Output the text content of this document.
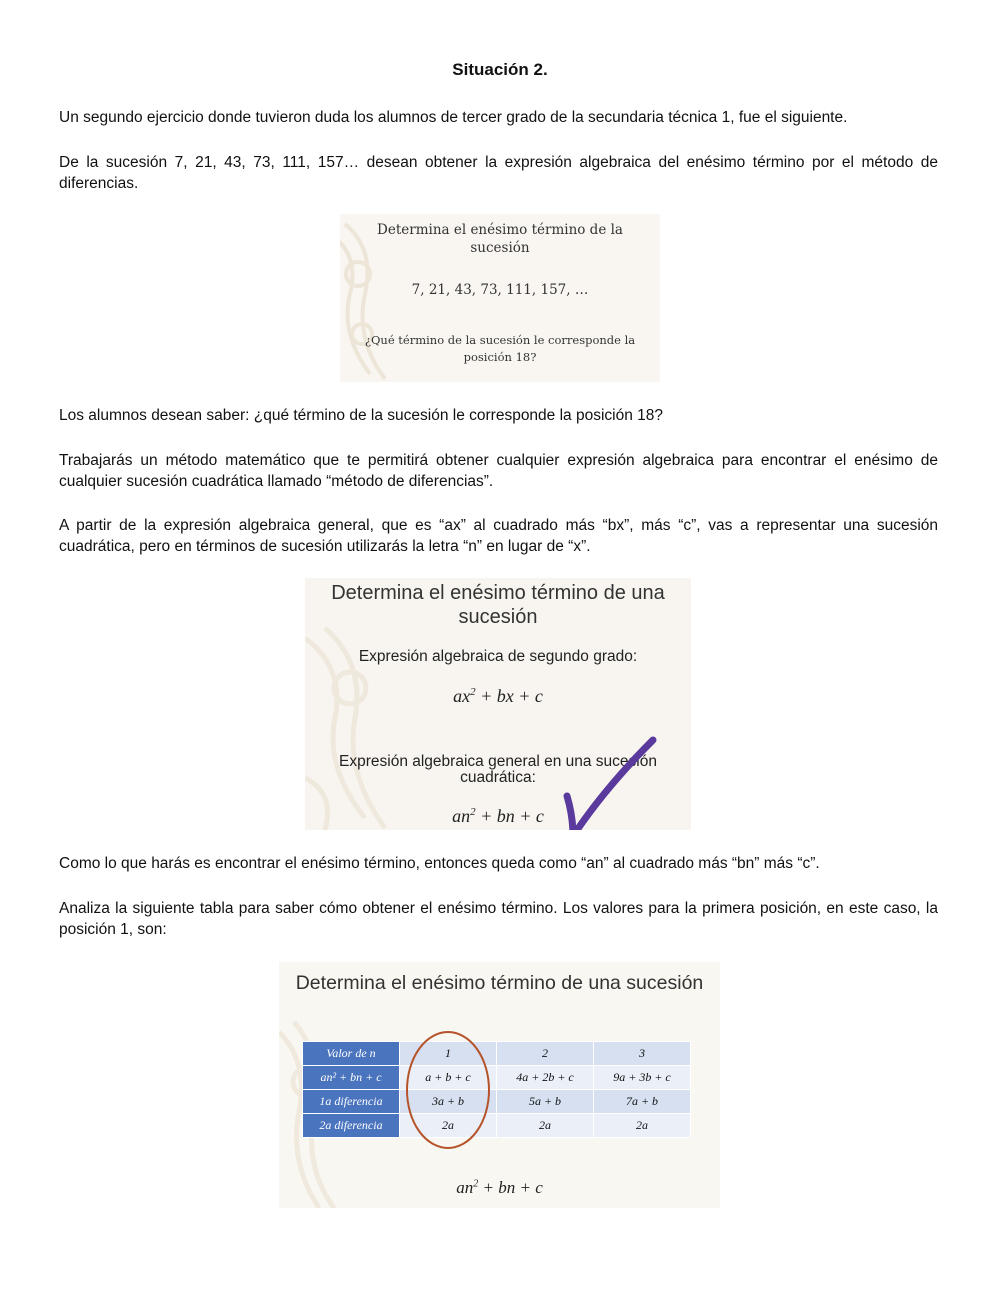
Situación 2.
Un segundo ejercicio donde tuvieron duda los alumnos de tercer grado de la secundaria técnica 1, fue el siguiente.
De la sucesión 7, 21, 43, 73, 111, 157… desean obtener la expresión algebraica del enésimo término por el método de diferencias.
Determina el enésimo término de la
sucesión
7, 21, 43, 73, 111, 157, …
¿Qué término de la sucesión le corresponde la
posición 18?
Los alumnos desean saber: ¿qué término de la sucesión le corresponde la posición 18?
Trabajarás un método matemático que te permitirá obtener cualquier expresión algebraica para encontrar el enésimo de cualquier sucesión cuadrática llamado “método de diferencias”.
A partir de la expresión algebraica general, que es “ax” al cuadrado más “bx”, más “c”, vas a representar una sucesión cuadrática, pero en términos de sucesión utilizarás la letra “n” en lugar de “x”.
Determina el enésimo término de una
sucesión
Expresión algebraica de segundo grado:
$ax^2$ + bx + c
Expresión algebraica general en una sucesión
cuadrática:
$an^2$ + bn + c
Como lo que harás es encontrar el enésimo término, entonces queda como “an” al cuadrado más “bn” más “c”.
Analiza la siguiente tabla para saber cómo obtener el enésimo término. Los valores para la primera posición, en este caso, la posición 1, son:
Determina el enésimo término de una sucesión
Valor de n	1	2	3
an² + bn + c	a + b + c	4a + 2b + c	9a + 3b + c
1a diferencia	3a + b	5a + b	7a + b
2a diferencia	2a	2a	2a
$an^2$ + bn + c
